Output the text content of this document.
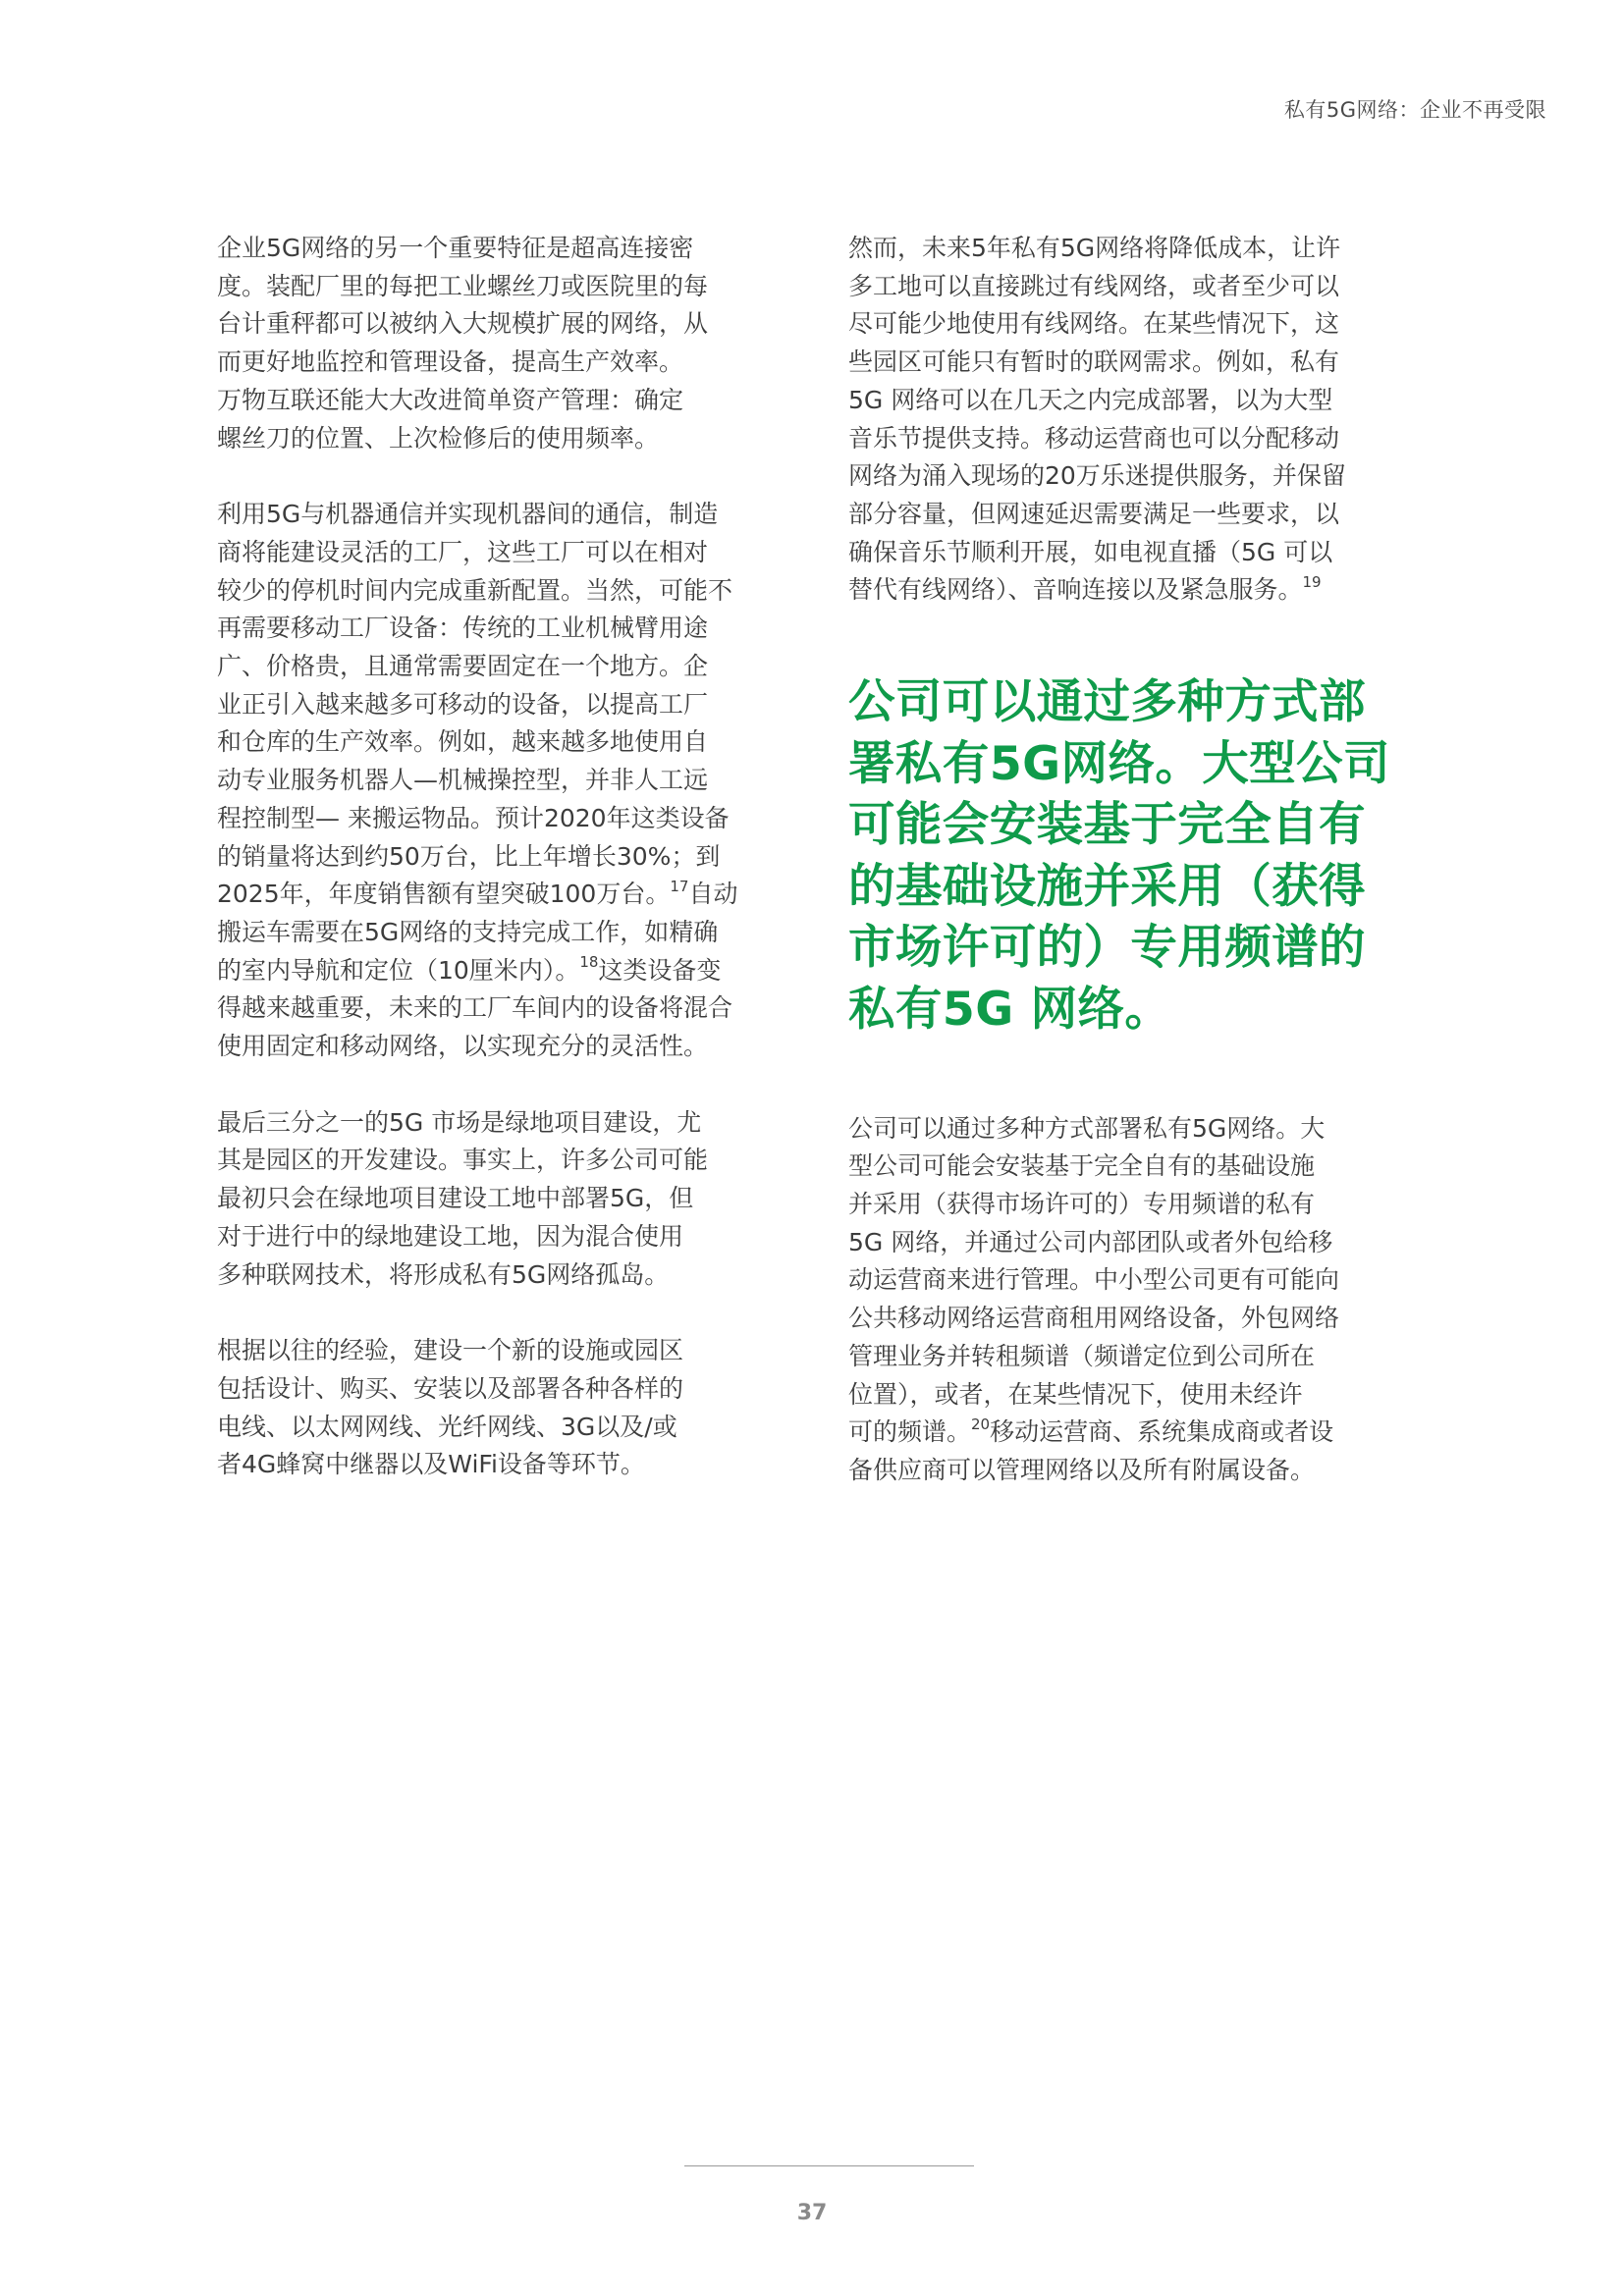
私有5G网络：企业不再受限

企业5G网络的另一个重要特征是超高连接密
度。装配厂里的每把工业螺丝刀或医院里的每
台计重秤都可以被纳入大规模扩展的网络，从
而更好地监控和管理设备，提高生产效率。
万物互联还能大大改进简单资产管理：确定
螺丝刀的位置、上次检修后的使用频率。

利用5G与机器通信并实现机器间的通信，制造
商将能建设灵活的工厂，这些工厂可以在相对
较少的停机时间内完成重新配置。当然，可能不
再需要移动工厂设备：传统的工业机械臂用途
广、价格贵，且通常需要固定在一个地方。企
业正引入越来越多可移动的设备，以提高工厂
和仓库的生产效率。例如，越来越多地使用自
动专业服务机器人—机械操控型，并非人工远
程控制型— 来搬运物品。预计2020年这类设备
的销量将达到约50万台，比上年增长30%；到
2025年，年度销售额有望突破100万台。$^{17}$自动
搬运车需要在5G网络的支持完成工作，如精确
的室内导航和定位（10厘米内）。$^{18}$这类设备变
得越来越重要，未来的工厂车间内的设备将混合
使用固定和移动网络，以实现充分的灵活性。

最后三分之一的5G 市场是绿地项目建设，尤
其是园区的开发建设。事实上，许多公司可能
最初只会在绿地项目建设工地中部署5G，但
对于进行中的绿地建设工地，因为混合使用
多种联网技术，将形成私有5G网络孤岛。

根据以往的经验，建设一个新的设施或园区
包括设计、购买、安装以及部署各种各样的
电线、以太网网线、光纤网线、3G以及/或
者4G蜂窝中继器以及WiFi设备等环节。

然而，未来5年私有5G网络将降低成本，让许
多工地可以直接跳过有线网络，或者至少可以
尽可能少地使用有线网络。在某些情况下，这
些园区可能只有暂时的联网需求。例如，私有
5G 网络可以在几天之内完成部署，以为大型
音乐节提供支持。移动运营商也可以分配移动
网络为涌入现场的20万乐迷提供服务，并保留
部分容量，但网速延迟需要满足一些要求，以
确保音乐节顺利开展，如电视直播（5G 可以
替代有线网络）、音响连接以及紧急服务。$^{19}$

公司可以通过多种方式部
署私有5G网络。大型公司
可能会安装基于完全自有
的基础设施并采用（获得
市场许可的）专用频谱的
私有5G 网络。

公司可以通过多种方式部署私有5G网络。大
型公司可能会安装基于完全自有的基础设施
并采用（获得市场许可的）专用频谱的私有
5G 网络，并通过公司内部团队或者外包给移
动运营商来进行管理。中小型公司更有可能向
公共移动网络运营商租用网络设备，外包网络
管理业务并转租频谱（频谱定位到公司所在
位置），或者，在某些情况下，使用未经许
可的频谱。$^{20}$移动运营商、系统集成商或者设
备供应商可以管理网络以及所有附属设备。

37
